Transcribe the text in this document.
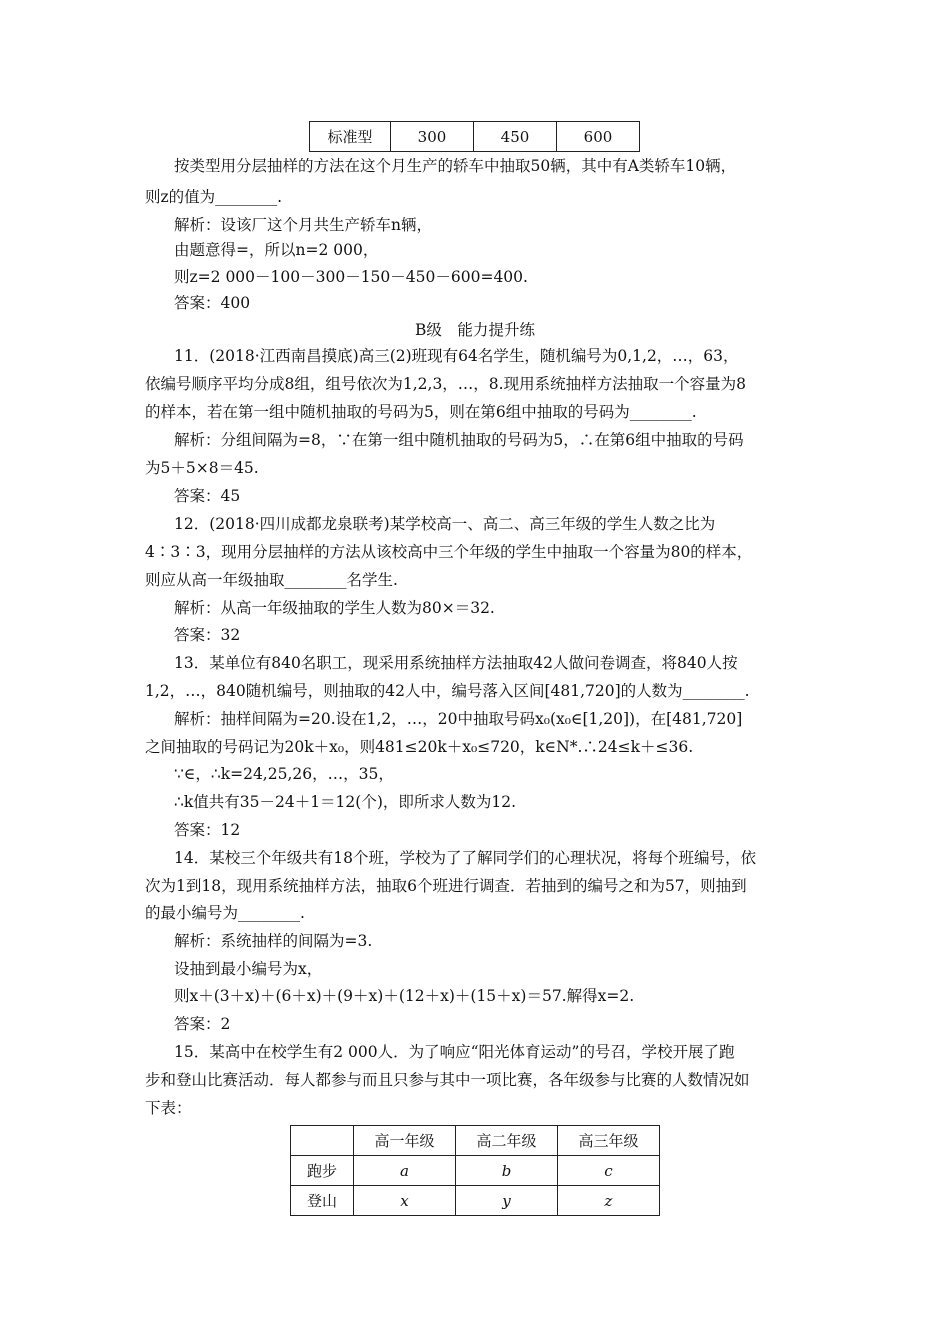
标准型	300	450	600
按类型用分层抽样的方法在这个月生产的轿车中抽取50辆，其中有A类轿车10辆，
则z的值为________.
解析：设该厂这个月共生产轿车n辆，
由题意得=，所以n=2 000，
则z=2 000－100－300－150－450－600=400.
答案：400
B级　能力提升练
11．(2018·江西南昌摸底)高三(2)班现有64名学生，随机编号为0,1,2，…，63，
依编号顺序平均分成8组，组号依次为1,2,3，…，8.现用系统抽样方法抽取一个容量为8
的样本，若在第一组中随机抽取的号码为5，则在第6组中抽取的号码为________.
解析：分组间隔为=8，∵在第一组中随机抽取的号码为5，∴在第6组中抽取的号码
为5＋5×8＝45.
答案：45
12．(2018·四川成都龙泉联考)某学校高一、高二、高三年级的学生人数之比为
4∶3∶3，现用分层抽样的方法从该校高中三个年级的学生中抽取一个容量为80的样本，
则应从高一年级抽取________名学生.
解析：从高一年级抽取的学生人数为80×＝32.
答案：32
13．某单位有840名职工，现采用系统抽样方法抽取42人做问卷调查，将840人按
1,2，…，840随机编号，则抽取的42人中，编号落入区间[481,720]的人数为________.
解析：抽样间隔为=20.设在1,2，…，20中抽取号码x₀(x₀∈[1,20])，在[481,720]
之间抽取的号码记为20k＋x₀，则481≤20k＋x₀≤720，k∈N*.∴24≤k＋≤36.
∵∈，∴k=24,25,26，…，35，
∴k值共有35－24＋1＝12(个)，即所求人数为12.
答案：12
14．某校三个年级共有18个班，学校为了了解同学们的心理状况，将每个班编号，依
次为1到18，现用系统抽样方法，抽取6个班进行调查．若抽到的编号之和为57，则抽到
的最小编号为________.
解析：系统抽样的间隔为=3.
设抽到最小编号为x，
则x＋(3＋x)＋(6＋x)＋(9＋x)＋(12＋x)＋(15＋x)＝57.解得x=2.
答案：2
15．某高中在校学生有2 000人．为了响应“阳光体育运动”的号召，学校开展了跑
步和登山比赛活动．每人都参与而且只参与其中一项比赛，各年级参与比赛的人数情况如
下表：
	高一年级	高二年级	高三年级
跑步	a	b	c
登山	x	y	z
